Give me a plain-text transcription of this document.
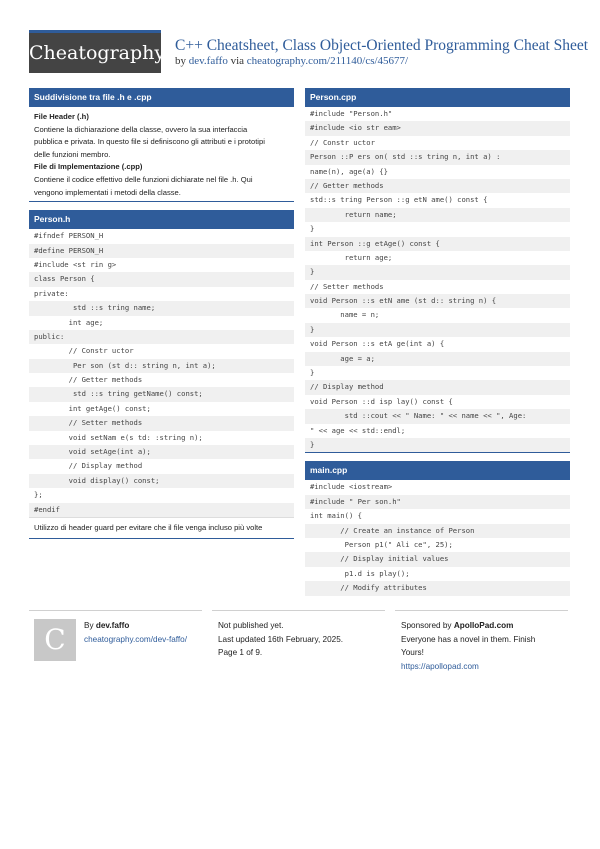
Cheatography C++ Cheatsheet, Class Object-Oriented Programming Cheat Sheet
by dev.faffo via cheatography.com/211140/cs/45677/
Suddivisione tra file .h e .cpp
File Header (.h)
Contiene la dichiarazione della classe, ovvero la sua interfaccia
pubblica e privata. In questo file si definiscono gli attributi e i prototipi
delle funzioni membro.
File di Implementazione (.cpp)
Contiene il codice effettivo delle funzioni dichiarate nel file .h. Qui
vengono implementati i metodi della classe.
Person.h
#ifndef PERSON_H
#define PERSON_H
#include <st rin g>
class Person {
private:
std ::s tring name;
int age;
public:
// Constr uctor
Per son (st d:: string n, int a);
// Getter methods
std ::s tring getName() const;
int getAge() const;
// Setter methods
void setNam e(s td: :string n);
void setAge(int a);
// Display method
void display() const;
};
#endif
Utilizzo di header guard per evitare che il file venga incluso più volte
Person.cpp
#include "Person.h"
#include <io str eam>
// Constr uctor
Person ::P ers on( std ::s tring n, int a) :
name(n), age(a) {}
// Getter methods
std::s tring Person ::g etN ame() const {
return name;
}
int Person ::g etAge() const {
return age;
}
// Setter methods
void Person ::s etN ame (st d:: string n) {
name = n;
}
void Person ::s etA ge(int a) {
age = a;
}
// Display method
void Person ::d isp lay() const {
std ::cout << " Name: " << name << ", Age:
" << age << std::endl;
}
main.cpp
#include <iostream>
#include " Per son.h"
int main() {
// Create an instance of Person
Person p1(" Ali ce", 25);
// Display initial values
p1.d is play();
// Modify attributes
C	By dev.faffo
cheatography.com/dev-faffo/
Not published yet.
Last updated 16th February, 2025.
Page 1 of 9.
Sponsored by ApolloPad.com
Everyone has a novel in them. Finish
Yours!
https://apollopad.com
